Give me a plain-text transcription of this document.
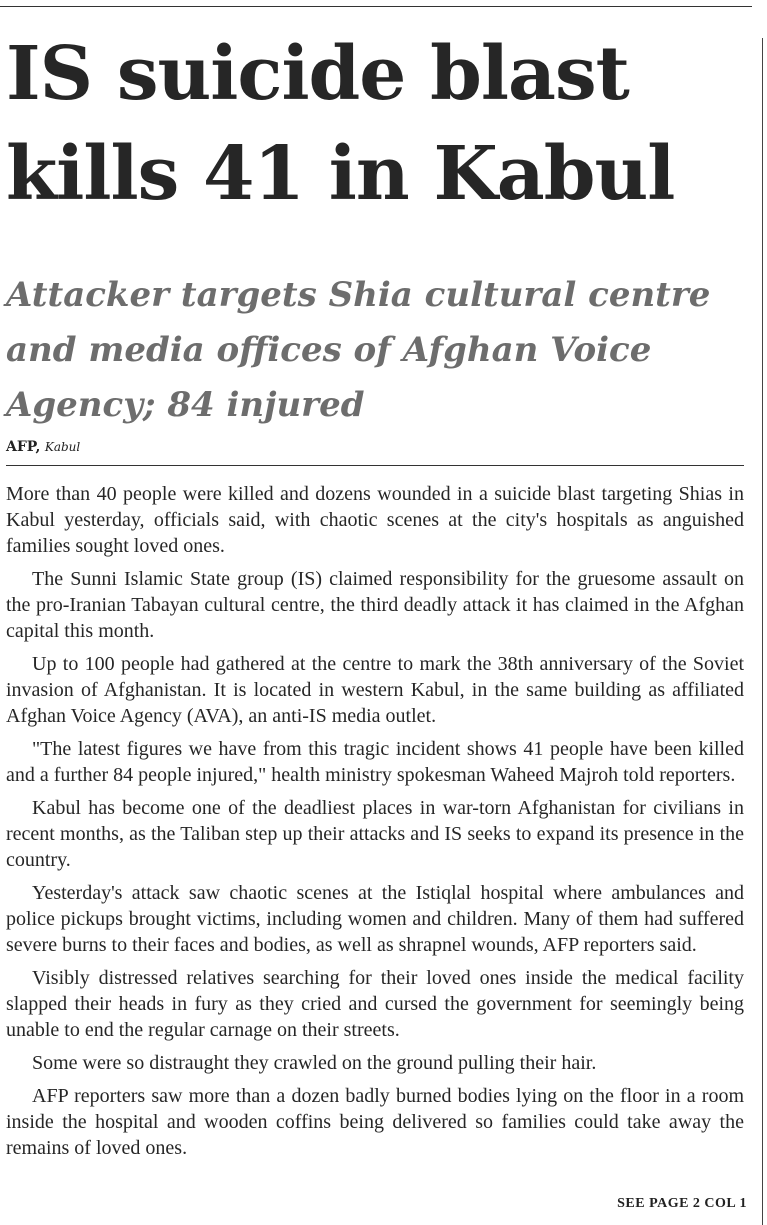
IS suicide blast kills 41 in Kabul
Attacker targets Shia cultural centre and media offices of Afghan Voice Agency; 84 injured
AFP, Kabul

More than 40 people were killed and dozens wounded in a suicide blast targeting Shias in Kabul yesterday, officials said, with chaotic scenes at the city's hospitals as anguished families sought loved ones.

The Sunni Islamic State group (IS) claimed responsibility for the gruesome assault on the pro-Iranian Tabayan cultural centre, the third deadly attack it has claimed in the Afghan capital this month.

Up to 100 people had gathered at the centre to mark the 38th anniversary of the Soviet invasion of Afghanistan. It is located in western Kabul, in the same building as affiliated Afghan Voice Agency (AVA), an anti-IS media outlet.

"The latest figures we have from this tragic incident shows 41 people have been killed and a further 84 people injured," health ministry spokesman Waheed Majroh told reporters.

Kabul has become one of the deadliest places in war-torn Afghanistan for civilians in recent months, as the Taliban step up their attacks and IS seeks to expand its presence in the country.

Yesterday's attack saw chaotic scenes at the Istiqlal hospital where ambulances and police pickups brought victims, including women and children. Many of them had suffered severe burns to their faces and bodies, as well as shrapnel wounds, AFP reporters said.

Visibly distressed relatives searching for their loved ones inside the medical facility slapped their heads in fury as they cried and cursed the government for seemingly being unable to end the regular carnage on their streets.

Some were so distraught they crawled on the ground pulling their hair.

AFP reporters saw more than a dozen badly burned bodies lying on the floor in a room inside the hospital and wooden coffins being delivered so families could take away the remains of loved ones.

SEE PAGE 2 COL 1
